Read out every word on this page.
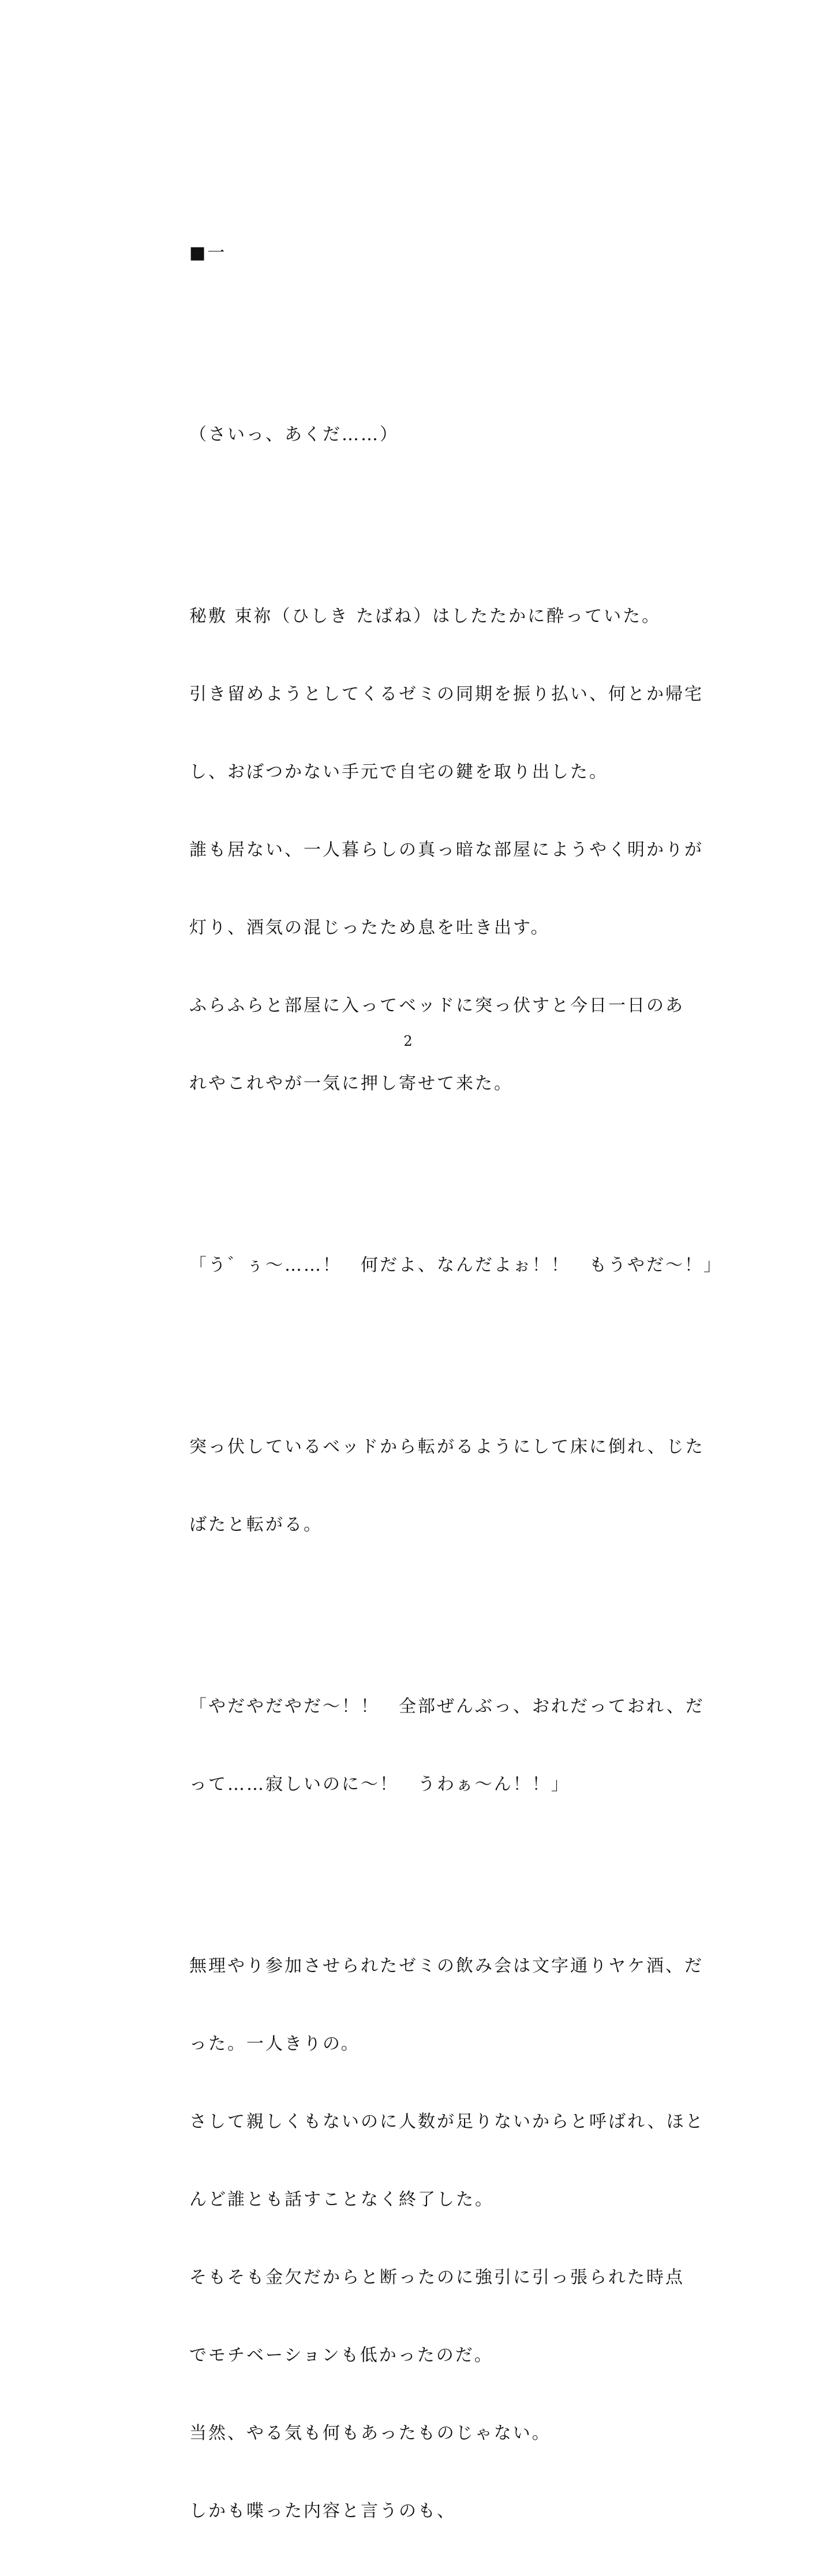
■一

（さいっ、あくだ……）

秘敷 束祢（ひしき たばね）はしたたかに酔っていた。

引き留めようとしてくるゼミの同期を振り払い、何とか帰宅

し、おぼつかない手元で自宅の鍵を取り出した。

誰も居ない、一人暮らしの真っ暗な部屋にようやく明かりが

灯り、酒気の混じったため息を吐き出す。

ふらふらと部屋に入ってベッドに突っ伏すと今日一日のあ

れやこれやが一気に押し寄せて来た。

「う゛ぅ〜……！　何だよ、なんだよぉ！！　もうやだ〜！」

突っ伏しているベッドから転がるようにして床に倒れ、じた

ばたと転がる。

「やだやだやだ〜！！　全部ぜんぶっ、おれだっておれ、だ

って……寂しいのに〜！　うわぁ〜ん！！」

無理やり参加させられたゼミの飲み会は文字通りヤケ酒、だ

った。一人きりの。

さして親しくもないのに人数が足りないからと呼ばれ、ほと

んど誰とも話すことなく終了した。

そもそも金欠だからと断ったのに強引に引っ張られた時点

でモチベーションも低かったのだ。

当然、やる気も何もあったものじゃない。

しかも喋った内容と言うのも、

2
